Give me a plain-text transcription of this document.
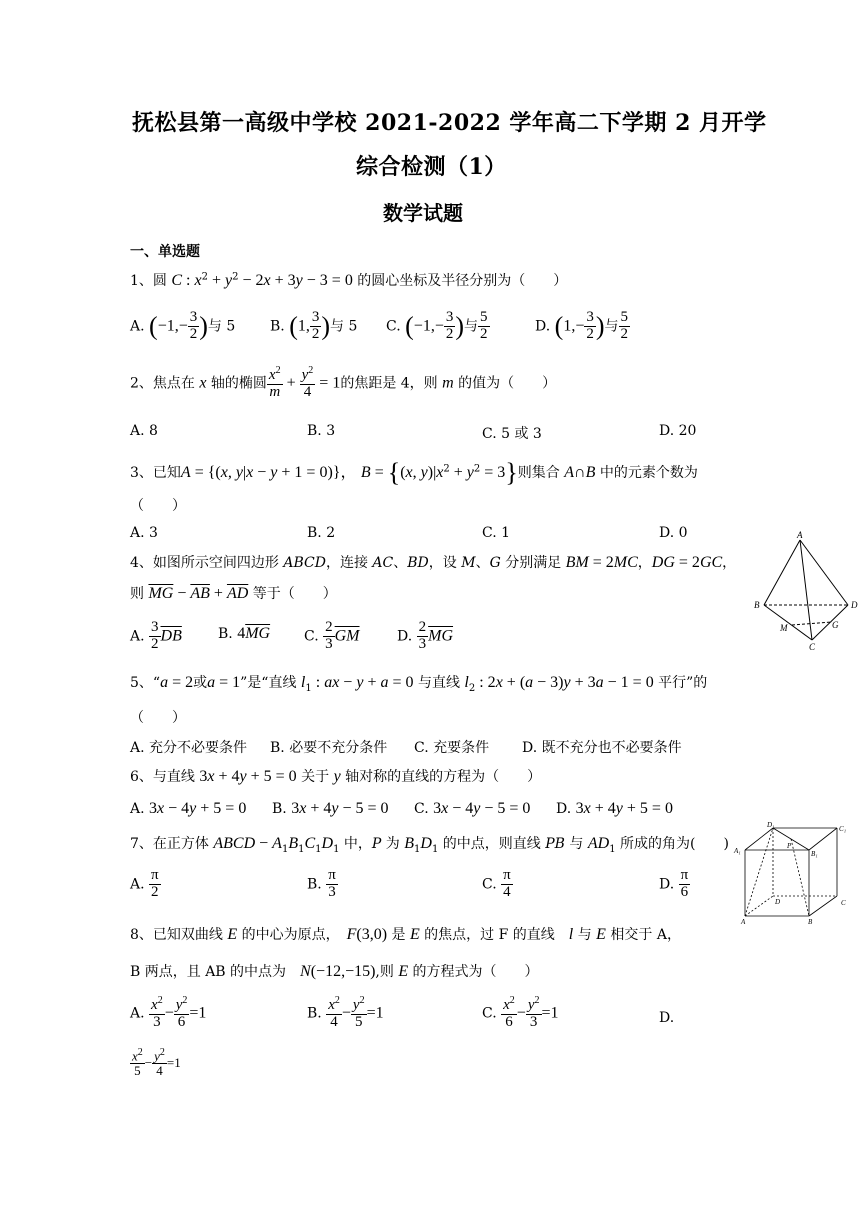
抚松县第一高级中学校 2021-2022 学年高二下学期 2 月开学
综合检测（1）
数学试题
一、单选题
1、圆 C : $x^2 + y^2 - 2x + 3y - 3 = 0$ 的圆心坐标及半径分别为（　　）
A. ($-1,- \frac{3}{2}$ )与 5 B. (1, $\frac{3}{2}$ )与 5 C. ($-1,- \frac{3}{2}$ )与 $\frac{5}{2}$	D. ($1,- \frac{3}{2}$ )与 $\frac{5}{2}$
2、焦点在 x 轴的椭圆 $\frac{x^2}{m} + \frac{y^2}{4} = 1$的焦距是 4，则 m 的值为（　　）
A. 8	B. 3	C. 5 或 3	D. 20
3、已知A = {(x, y|x − y + 1 = 0)}， B = {(x, $y)|x^2 + y^2 = 3$}则集合 A∩B 中的元素个数为
（　　）
A. 3	B. 2	C. 1	D. 0
4、如图所示空间四边形 ABCD，连接 AC、BD，设 M、G 分别满足 BM = 2MC，DG = 2GC，
则 $\overline{MG} - \overline{AB} + \overline{AD}$ 等于（　　）
A. $\frac{3}{2} \overline{DB}$	B. $4\overline{MG}$ C. $\frac{2}{3} \overline{GM}$	D. $\frac{2}{3} \overline{MG}$
A
B	D
M	G
C
5、“a = 2或a = 1”是“直线 $l_1$ : ax − y + a = 0 与直线 $l_2$ : 2x + (a − 3)y + 3a − 1 = 0 平行”的
（　　）
A. 充分不必要条件 B. 必要不充分条件 C. 充要条件 D. 既不充分也不必要条件
6、与直线 3x + 4y + 5 = 0 关于 y 轴对称的直线的方程为（　　）
A. 3x − 4y + 5 = 0 B. 3x + 4y − 5 = 0 C. 3x − 4y − 5 = 0 D. 3x + 4y + 5 = 0
7、在正方体 ABCD − $A_1B_1C_1D_1$ 中，P 为 $B_1D_1$ 的中点，则直线 PB 与 $AD_1$ 所成的角为(　　)
A. $\frac{\pi}{2}$	B. $\frac{\pi}{3}$	C. $\frac{\pi}{4}$	D. $\frac{\pi}{6}$
D₁	C₁
A₁	B₁
P
D	C
A	B
8、已知双曲线 E 的中心为原点，　F(3,0) 是 E 的焦点，过 F 的直线　l 与 E 相交于 A，
B 两点，且 AB 的中点为　N(−12,−15),则 E 的方程式为（　　）
A. $\frac{x^2}{3} - \frac{y^2}{6} =1$	B. $\frac{x^2}{4} - \frac{y^2}{5} =1$	C. $\frac{x^2}{6} - \frac{y^2}{3} =1$	D.
$\frac{x^2}{5} - \frac{y^2}{4} =1$
